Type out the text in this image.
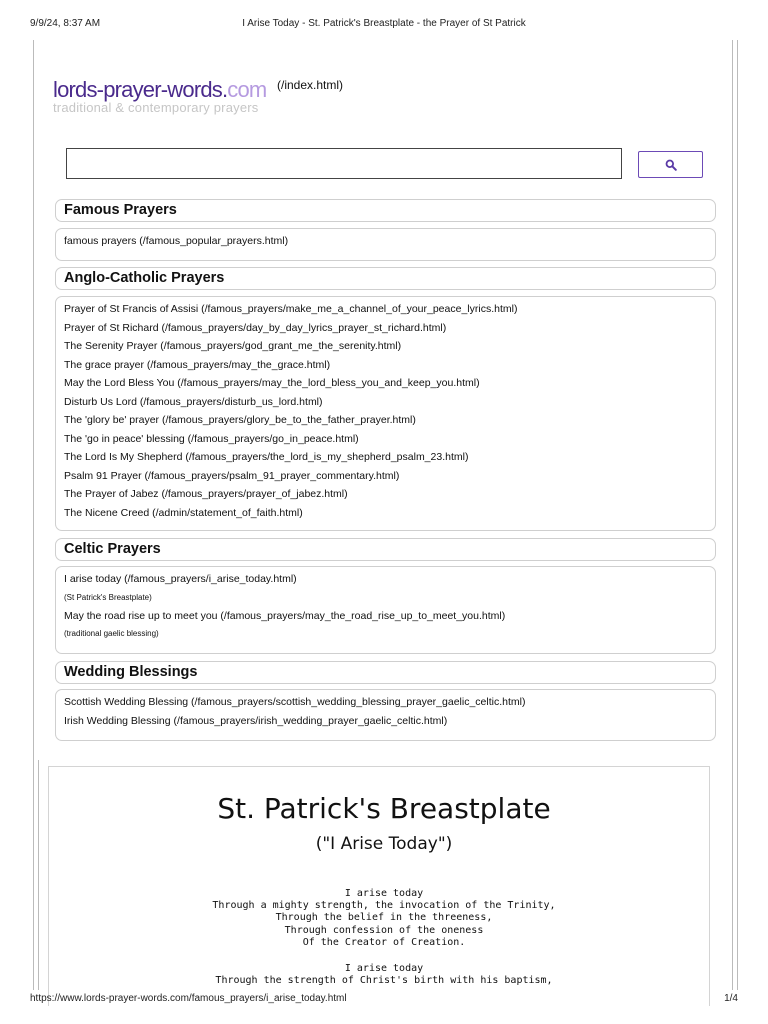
9/9/24, 8:37 AM	I Arise Today - St. Patrick's Breastplate - the Prayer of St Patrick
lords-prayer-words.com
traditional & contemporary prayers
(/index.html)
Famous Prayers
famous prayers (/famous_popular_prayers.html)
Anglo-Catholic Prayers
Prayer of St Francis of Assisi (/famous_prayers/make_me_a_channel_of_your_peace_lyrics.html)
Prayer of St Richard (/famous_prayers/day_by_day_lyrics_prayer_st_richard.html)
The Serenity Prayer (/famous_prayers/god_grant_me_the_serenity.html)
The grace prayer (/famous_prayers/may_the_grace.html)
May the Lord Bless You (/famous_prayers/may_the_lord_bless_you_and_keep_you.html)
Disturb Us Lord (/famous_prayers/disturb_us_lord.html)
The 'glory be' prayer (/famous_prayers/glory_be_to_the_father_prayer.html)
The 'go in peace' blessing (/famous_prayers/go_in_peace.html)
The Lord Is My Shepherd (/famous_prayers/the_lord_is_my_shepherd_psalm_23.html)
Psalm 91 Prayer (/famous_prayers/psalm_91_prayer_commentary.html)
The Prayer of Jabez (/famous_prayers/prayer_of_jabez.html)
The Nicene Creed (/admin/statement_of_faith.html)
Celtic Prayers
I arise today (/famous_prayers/i_arise_today.html)
(St Patrick's Breastplate)
May the road rise up to meet you (/famous_prayers/may_the_road_rise_up_to_meet_you.html)
(traditional gaelic blessing)
Wedding Blessings
Scottish Wedding Blessing (/famous_prayers/scottish_wedding_blessing_prayer_gaelic_celtic.html)
Irish Wedding Blessing (/famous_prayers/irish_wedding_prayer_gaelic_celtic.html)
St. Patrick's Breastplate
("I Arise Today")
I arise today
Through a mighty strength, the invocation of the Trinity,
Through the belief in the threeness,
Through confession of the oneness
Of the Creator of Creation.
I arise today
Through the strength of Christ's birth with his baptism,
https://www.lords-prayer-words.com/famous_prayers/i_arise_today.html	1/4
